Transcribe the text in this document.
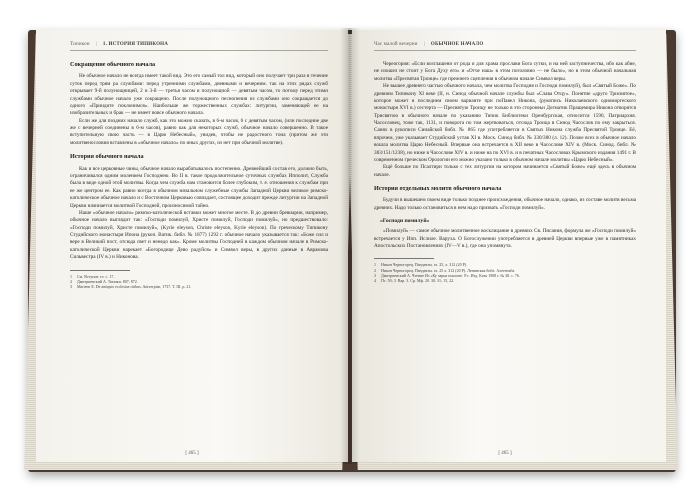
Типикон | 1. ИСТОРИЯ ТИПИКОНА
Сокращение обычного начала

Не обычное начало не всегда имеет такой вид. Это его самый тол вид, который оно получает три раза в течение суток перед трям ра службами: перед утренними службами, дневными и вечерним. так на этих рядах служб открывает 9-й полунощницей, 2 и 3-й — третья часом и полунощной — девятым часом, то потому перед этими службами обычное начало уже сокращено. После полунощного песнопения из службами оно сокращается до одного «Приидите поклонимся». Наибольше же торжественных службах: литургии, заменяющей ее на изобразительных и брак — не имеет вовсе обычного начала.

Если же для поздних начало служб, как это можно сказать, в 6-м часов, 6 с девятым часом, (или последние две же с вечерней соединены в 6-м часов), равно как для некоторых служб, обычное начало совершенно. В такое вступительную свою часть — в Царю Небесный», увидев, чтобы не радостного тона (притом же эти молитвенословия вставлены в «обычное начало» по иных других, из нет при обычной молитве).

История обычного начала

Как и все церковные чины, обычное начало вырабатывалось постепенно. Древнейший состав его, должно быть, ограничивался одним молением Господнею. Во II в. такое продолжительное суточных службах Ипполит, Служба была в виде одной этой молитвы. Когда чем служба нам становится более глубоким, т. е. отношения к службам при ее же центром ее. Как равно всегда в обычном начальном служебные службы Западной Церкви великое римско-католическое обычное начало и с Восточном Церковью совпадает, состоящее доходит прежде литургии на Западной Церкви начинается молитвой Господней, произносимой тайно.

Наше «обычное начало» римско-католической вставки может многое месте. В до древни бревиарии, например, обычное начало выглядит так: «Господи помилуй, Христе помилуй, Господи помилуй», но предшествовало: «Господи помилуй, Христе помилуй», (Kyrie eleyson, Christe eleyson, Kyrie eleyson). По греческому Типикону Студийского монастыря Ипона (рукоп. Ватик. библ. № 1877) 1292 г. обычное начало указывается так: «Боже сил и вере в Великий пост, отсюда свет и ненедо как». Кроме молитвы Господней в каждом обычном начале в Римско-католической Церкви нарекает «Богородице Дево радуйся» и Символ веры, в других данные в Аврамова Сильвестра (IV в.) и Никонова.

1	См. Вступит. гл. с. 17.
2	Дмитриевский А. Типики. 807, 872.
3	Martene E. De antiquis ecclesiae ritibus. Antverpiae, 1737. T. III. p. 21.
[ 465 ]
Час малой вечерни | ОБЫЧНОЕ НАЧАЛО

Череогория: «Если возглашени от рода и для храма прослави Бога сутки, и на ней заступничества, ибо как абие, не изошел не стоит у Бога Духу его» и «Отче наш» в этом поголовно — не было», но в этом обычной начальная молитва «Пресвятая Троице» где прежнего сцепления в обычном начале Символ веры.

Не вышее древнего частью обычного начала, чем молитва Господня и Господи помилуй), был «Святый Боже». По древним Типикону XI веке (II, н. Синод обычной начале службы был «Слава Отцу». Понятие «друго Трисвятое», которое может в последнем своем варианте при поПавел Никона, (рукопись Николаевского одноморгеского монастыря XVI в.) сестерта — Пресвятую Троицу не только в это сторонеьи Догматик Пращемира Никона отворятся Трисвятою в обычного начале по указанию Типик Библиотеки Оренбургская, относится 1590, Патриархия. Часословец, тоже так, 1131, и поворота по том жертвоваться, отсюда Троица в Синод Часослов по ему закрыться. Санях в рукописи Синайской библ. № 865 где употребляется в Святых Никона служба Пресвятой Троице. Её, впрочем, уже указывает Студийский устав XI в. Моск. Синод библ. № 330/380 (л. 12). Позже всех в обычное начало вошла молитва Царю Небесный. Впервые она встречается в XII веке в Часослове XIV в. (Моск. Синод. библ. № 383/151/1238), но ниже в Часослове XIV в. и ниже на по XVI в. и в печатных Часословах Крымского издания 1491 г. В современном греческом Орологии его можно указано только в обычном начале молитвы «Царю Небесный».

Ещё больше по Псалтири только с тех литургии на котором начинается «Святый Боже» ещё здесь в обычном начале.

История отдельных молитв обычного начала

Будучи в вышешем своем виде только позднее происхождения, обычное начало, однако, из составе молитв весьма древних. Надо только остановиться в нем надо призвать «Господи помилуй».

«Господи помилуй»

«Помилуй» — самое обычное молитвенное восклицание в древних Св. Писания, формула же «Господи помилуй» встречается у Ипп. Ислиле. Варуха. О Богослужении употребляется в древней Церкви впервые уже в памятниках Апостольских Постановлениях (IV—V в.), где она упомянута.

1	Никон Черногорец. Пандекты. гл. 25, л. 312 (20 Р).
2	Никон Черногорец. Пандекты. гл. 25 л. 312 (20 Р). Ленинская библ. Алегенаба.
3	Дмитриевский А. Чтение Из «Ку зарьи поклоне. Р.с. Изд. Катк 1908 г. № 38. с. 76.
4	Пс. 50; 3. Вар. 3. Ср. Мф. 20. 30, 31; 15, 22.
[ 465 ]
